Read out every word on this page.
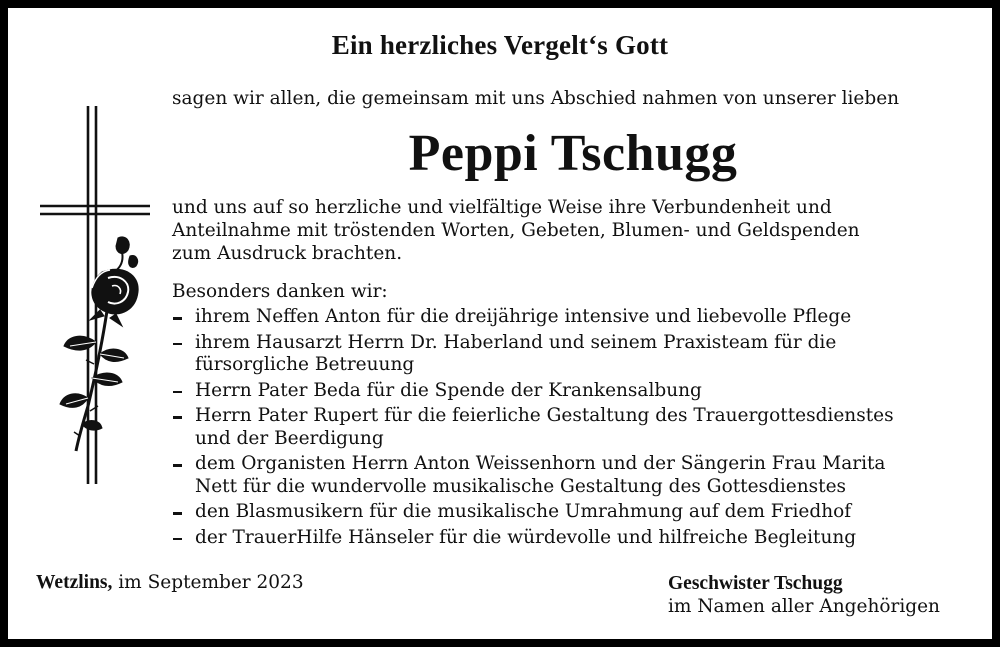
Ein herzliches Vergelt‘s Gott
sagen wir allen, die gemeinsam mit uns Abschied nahmen von unserer lieben
Peppi Tschugg
und uns auf so herzliche und vielfältige Weise ihre Verbundenheit und
Anteilnahme mit tröstenden Worten, Gebeten, Blumen- und Geldspenden
zum Ausdruck brachten.
Besonders danken wir:
ihrem Neffen Anton für die dreijährige intensive und liebevolle Pflege
ihrem Hausarzt Herrn Dr. Haberland und seinem Praxisteam für die
fürsorgliche Betreuung
Herrn Pater Beda für die Spende der Krankensalbung
Herrn Pater Rupert für die feierliche Gestaltung des Trauergottesdienstes
und der Beerdigung
dem Organisten Herrn Anton Weissenhorn und der Sängerin Frau Marita
Nett für die wundervolle musikalische Gestaltung des Gottesdienstes
den Blasmusikern für die musikalische Umrahmung auf dem Friedhof
der TrauerHilfe Hänseler für die würdevolle und hilfreiche Begleitung
Wetzlins, im September 2023	Geschwister Tschugg
im Namen aller Angehörigen
